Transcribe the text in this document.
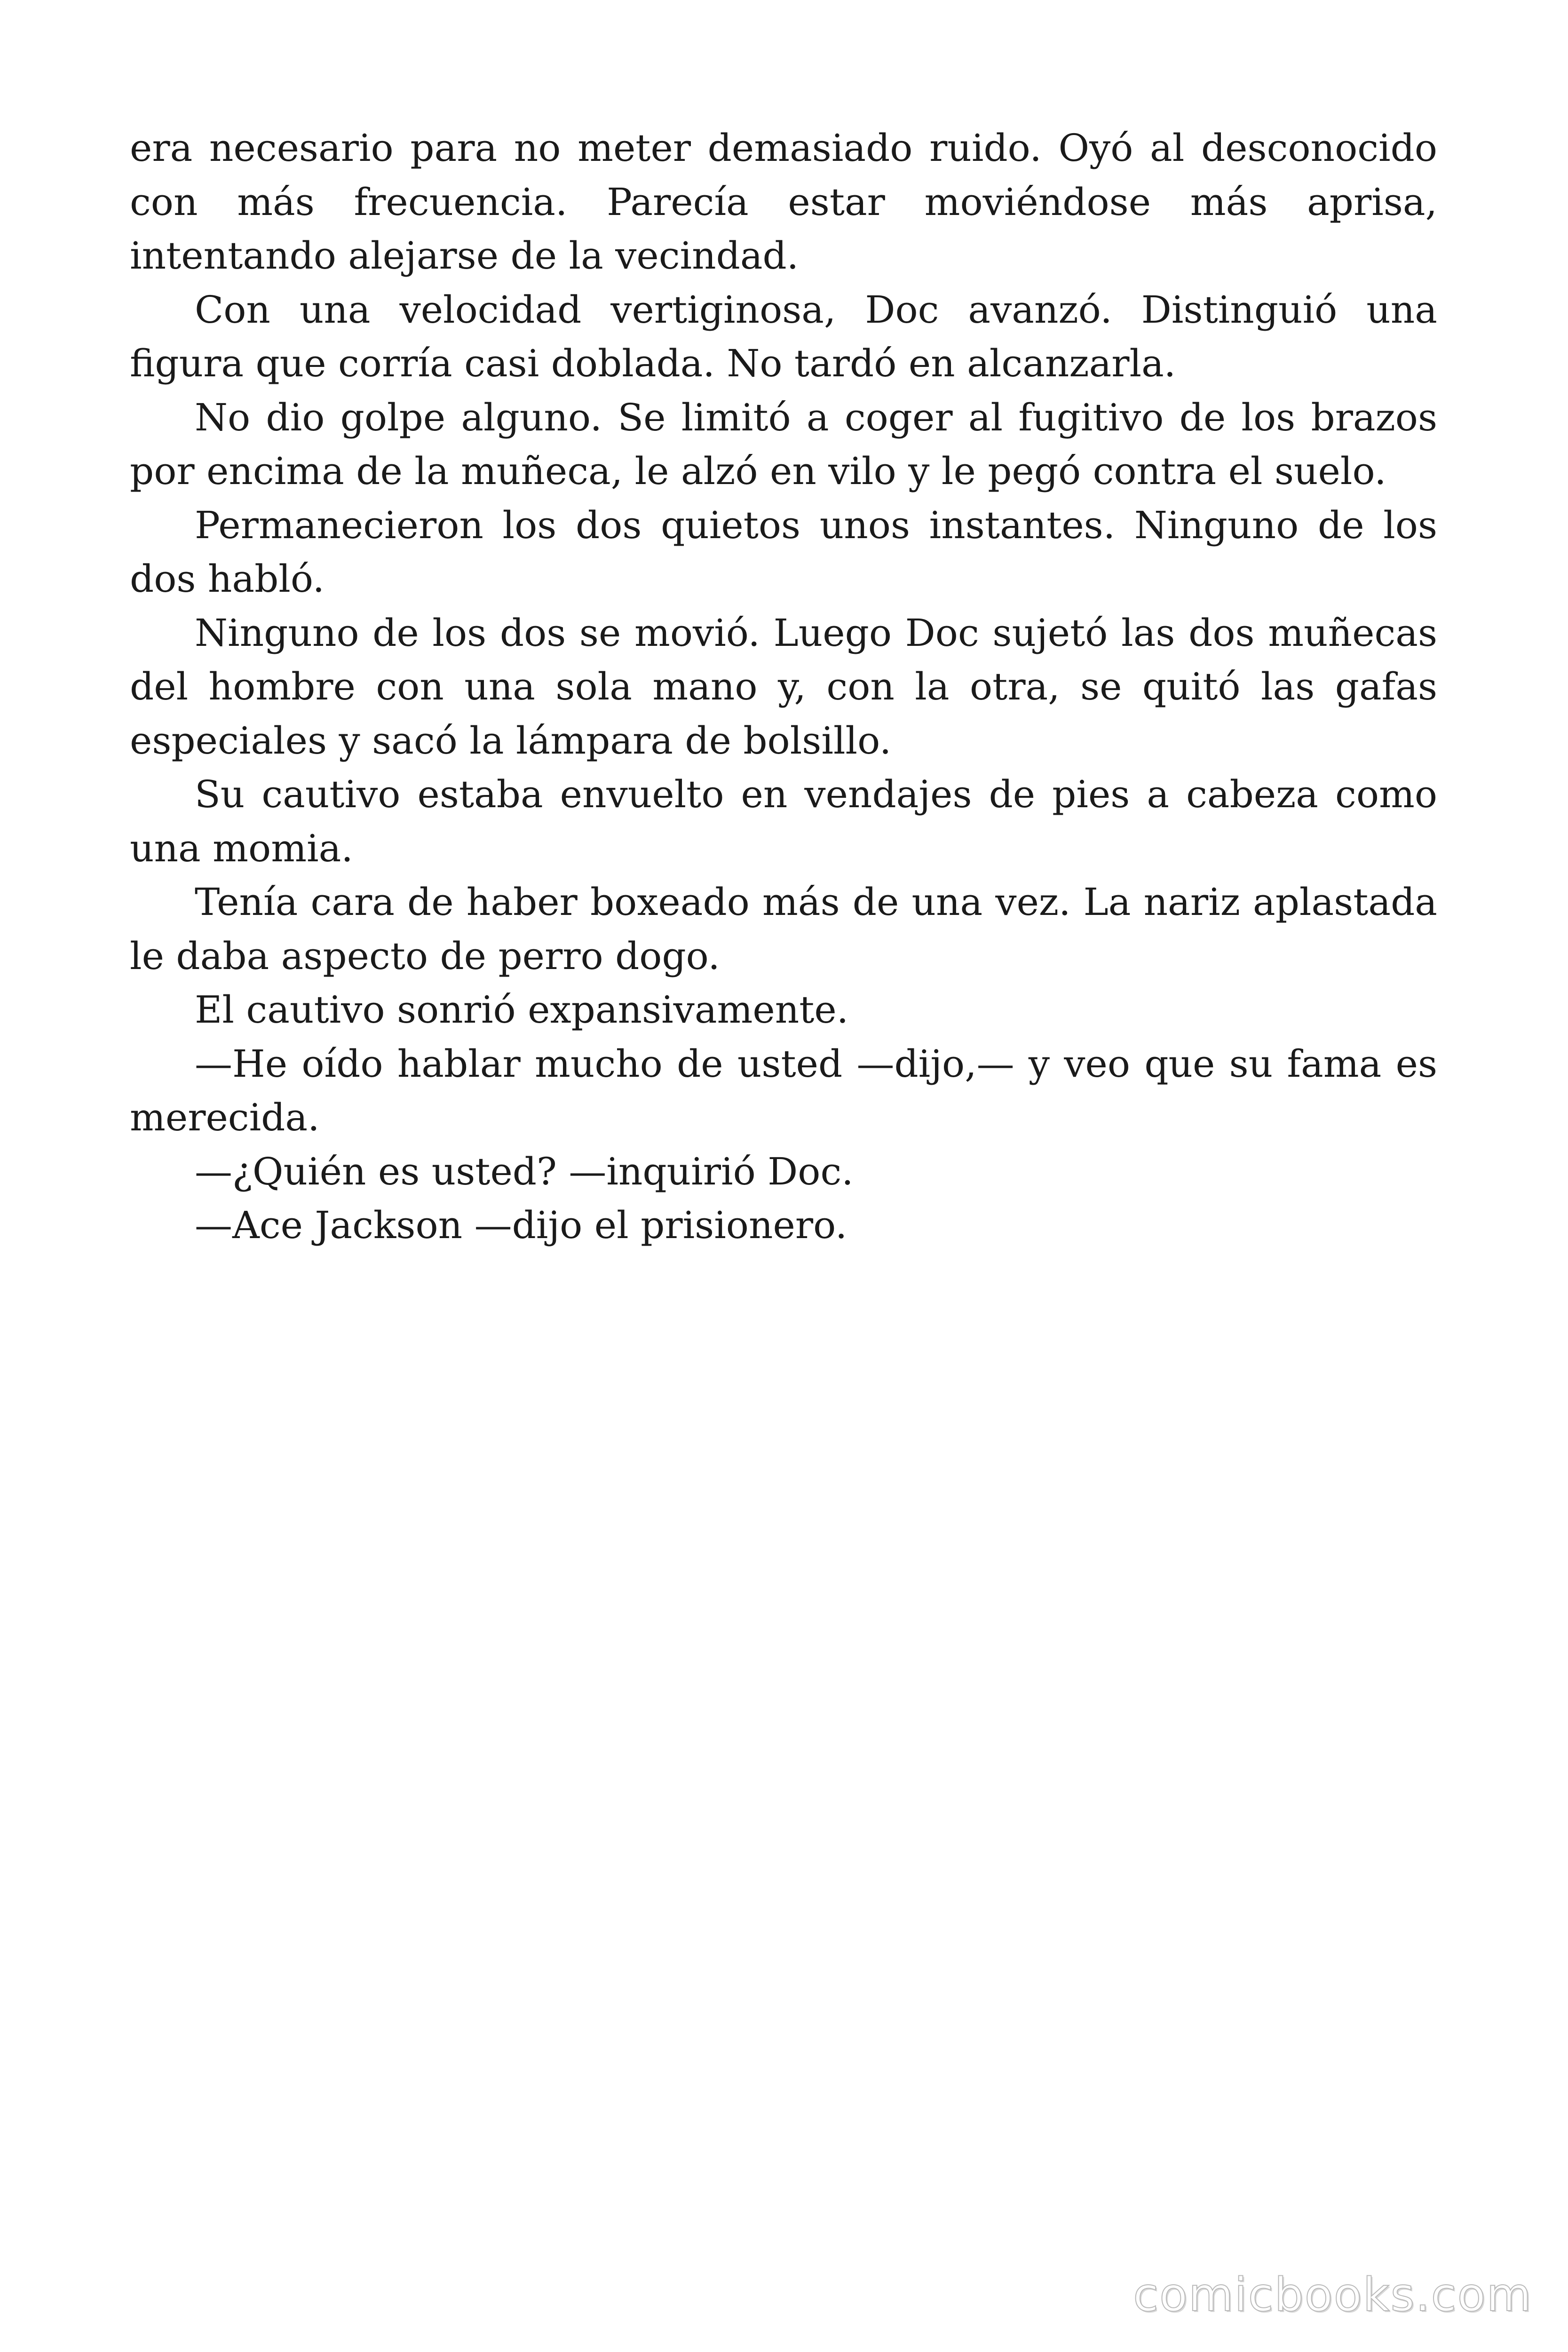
era necesario para no meter demasiado ruido. Oyó al desconocido con más frecuencia. Parecía estar moviéndose más aprisa, intentando alejarse de la vecindad.

Con una velocidad vertiginosa, Doc avanzó. Distinguió una figura que corría casi doblada. No tardó en alcanzarla.

No dio golpe alguno. Se limitó a coger al fugitivo de los brazos por encima de la muñeca, le alzó en vilo y le pegó contra el suelo.

Permanecieron los dos quietos unos instantes. Ninguno de los dos habló.

Ninguno de los dos se movió. Luego Doc sujetó las dos muñecas del hombre con una sola mano y, con la otra, se quitó las gafas especiales y sacó la lámpara de bolsillo.

Su cautivo estaba envuelto en vendajes de pies a cabeza como una momia.

Tenía cara de haber boxeado más de una vez. La nariz aplastada le daba aspecto de perro dogo.

El cautivo sonrió expansivamente.

—He oído hablar mucho de usted —dijo,— y veo que su fama es merecida.

—¿Quién es usted? —inquirió Doc.

—Ace Jackson —dijo el prisionero.

comicbooks.com
